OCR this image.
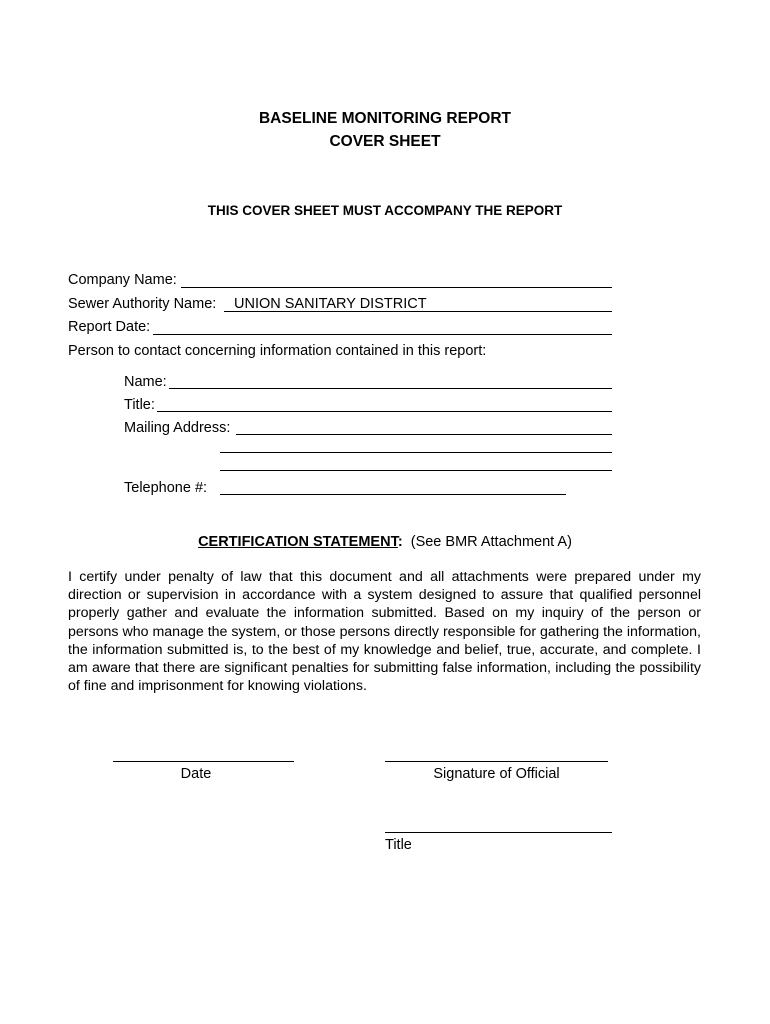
BASELINE MONITORING REPORT
COVER SHEET
THIS COVER SHEET MUST ACCOMPANY THE REPORT
Company Name:
Sewer Authority Name: UNION SANITARY DISTRICT
Report Date:
Person to contact concerning information contained in this report:
Name:
Title:
Mailing Address:
Telephone #:
CERTIFICATION STATEMENT: (See BMR Attachment A)
I certify under penalty of law that this document and all attachments were prepared under my direction or supervision in accordance with a system designed to assure that qualified personnel properly gather and evaluate the information submitted. Based on my inquiry of the person or persons who manage the system, or those persons directly responsible for gathering the information, the information submitted is, to the best of my knowledge and belief, true, accurate, and complete. I am aware that there are significant penalties for submitting false information, including the possibility of fine and imprisonment for knowing violations.
Date	Signature of Official
Title
